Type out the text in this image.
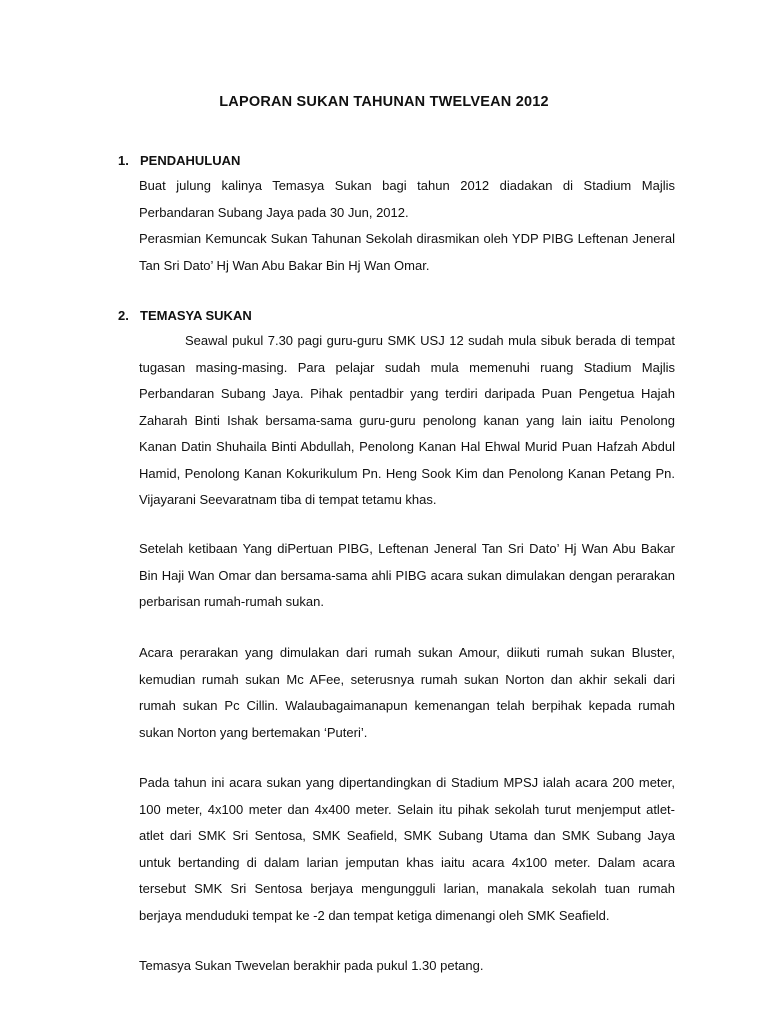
LAPORAN SUKAN TAHUNAN TWELVEAN 2012
1. PENDAHULUAN

Buat julung kalinya Temasya Sukan bagi tahun 2012 diadakan di Stadium Majlis Perbandaran Subang Jaya pada 30 Jun, 2012.

Perasmian Kemuncak Sukan Tahunan Sekolah dirasmikan oleh YDP PIBG Leftenan Jeneral Tan Sri Dato’ Hj Wan Abu Bakar Bin Hj Wan Omar.

2. TEMASYA SUKAN

Seawal pukul 7.30 pagi guru-guru SMK USJ 12 sudah mula sibuk berada di tempat tugasan masing-masing. Para pelajar sudah mula memenuhi ruang Stadium Majlis Perbandaran Subang Jaya. Pihak pentadbir yang terdiri daripada Puan Pengetua Hajah Zaharah Binti Ishak bersama-sama guru-guru penolong kanan yang lain iaitu Penolong Kanan Datin Shuhaila Binti Abdullah, Penolong Kanan Hal Ehwal Murid Puan Hafzah Abdul Hamid, Penolong Kanan Kokurikulum Pn. Heng Sook Kim dan Penolong Kanan Petang Pn. Vijayarani Seevaratnam tiba di tempat tetamu khas.

Setelah ketibaan Yang diPertuan PIBG, Leftenan Jeneral Tan Sri Dato’ Hj Wan Abu Bakar Bin Haji Wan Omar dan bersama-sama ahli PIBG acara sukan dimulakan dengan perarakan perbarisan rumah-rumah sukan.

Acara perarakan yang dimulakan dari rumah sukan Amour, diikuti rumah sukan Bluster, kemudian rumah sukan Mc AFee, seterusnya rumah sukan Norton dan akhir sekali dari rumah sukan Pc Cillin. Walaubagaimanapun kemenangan telah berpihak kepada rumah sukan Norton yang bertemakan ‘Puteri’.

Pada tahun ini acara sukan yang dipertandingkan di Stadium MPSJ ialah acara 200 meter, 100 meter, 4x100 meter dan 4x400 meter. Selain itu pihak sekolah turut menjemput atlet-atlet dari SMK Sri Sentosa, SMK Seafield, SMK Subang Utama dan SMK Subang Jaya untuk bertanding di dalam larian jemputan khas iaitu acara 4x100 meter. Dalam acara tersebut SMK Sri Sentosa berjaya mengungguli larian, manakala sekolah tuan rumah berjaya menduduki tempat ke -2 dan tempat ketiga dimenangi oleh SMK Seafield.

Temasya Sukan Twevelan berakhir pada pukul 1.30 petang.
